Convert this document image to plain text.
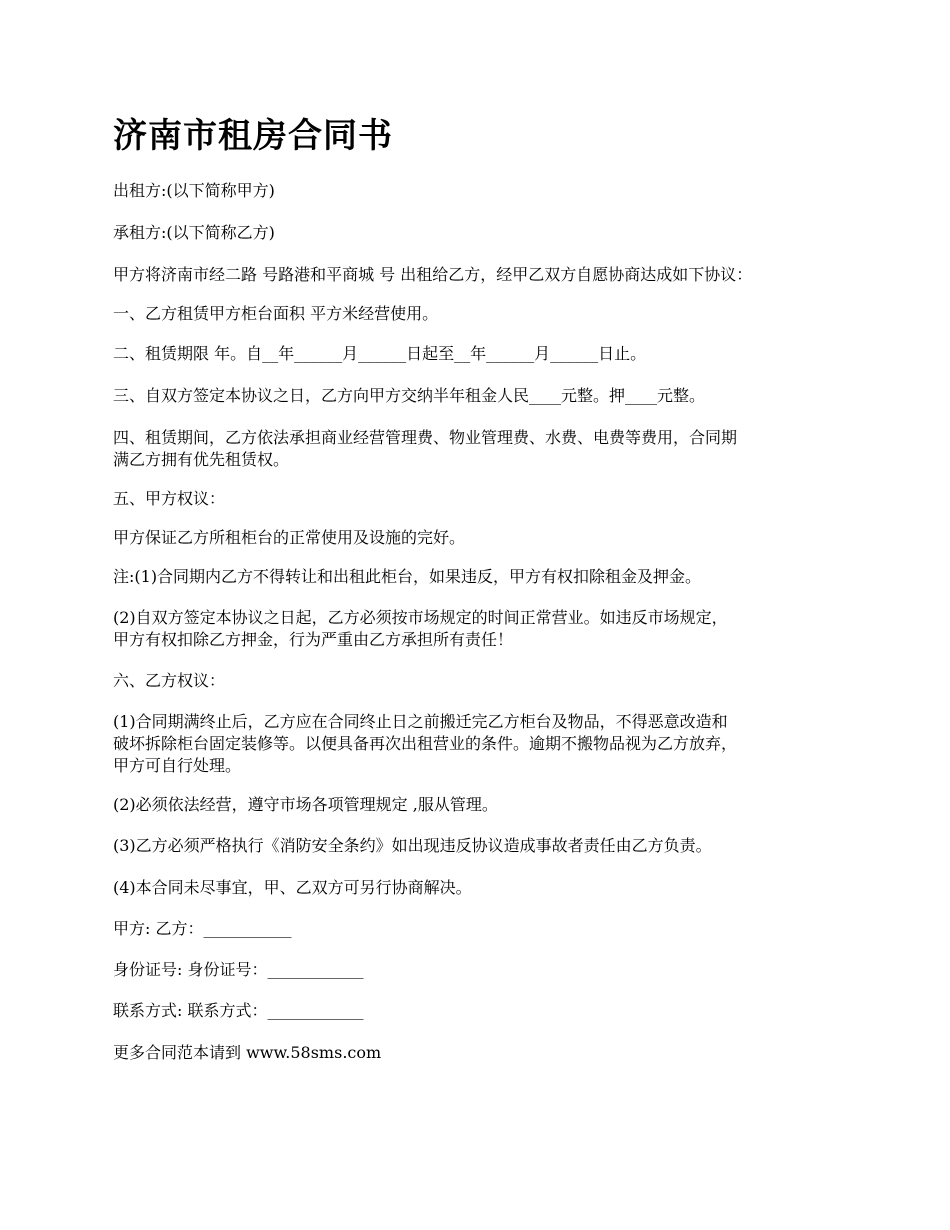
济南市租房合同书

出租方:(以下简称甲方)

承租方:(以下简称乙方)

甲方将济南市经二路 号路港和平商城 号 出租给乙方，经甲乙双方自愿协商达成如下协议：

一、乙方租赁甲方柜台面积 平方米经营使用。

二、租赁期限 年。自__年______月______日起至__年______月______日止。

三、自双方签定本协议之日，乙方向甲方交纳半年租金人民____元整。押____元整。

四、租赁期间，乙方依法承担商业经营管理费、物业管理费、水费、电费等费用，合同期
满乙方拥有优先租赁权。

五、甲方权议：

甲方保证乙方所租柜台的正常使用及设施的完好。

注:(1)合同期内乙方不得转让和出租此柜台，如果违反，甲方有权扣除租金及押金。

(2)自双方签定本协议之日起，乙方必须按市场规定的时间正常营业。如违反市场规定，
甲方有权扣除乙方押金，行为严重由乙方承担所有责任！

六、乙方权议：

(1)合同期满终止后，乙方应在合同终止日之前搬迁完乙方柜台及物品，不得恶意改造和
破坏拆除柜台固定装修等。以便具备再次出租营业的条件。逾期不搬物品视为乙方放弃，
甲方可自行处理。

(2)必须依法经营，遵守市场各项管理规定 ,服从管理。

(3)乙方必须严格执行《消防安全条约》如出现违反协议造成事故者责任由乙方负责。

(4)本合同未尽事宜，甲、乙双方可另行协商解决。

甲方: 乙方：___________

身份证号: 身份证号：____________

联系方式: 联系方式：____________

更多合同范本请到 www.58sms.com
